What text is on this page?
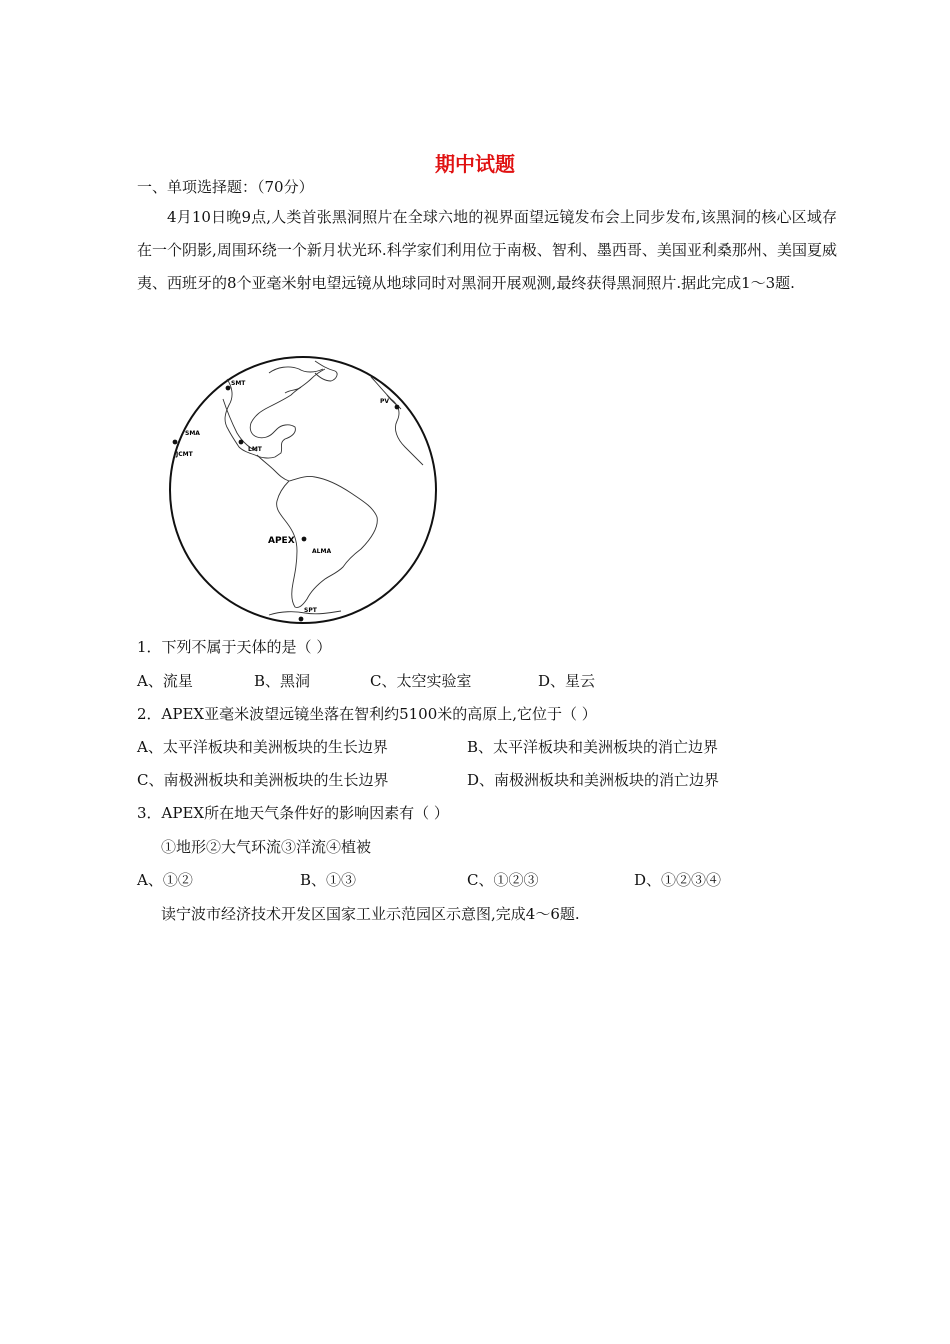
期中试题
一、单项选择题：（70分）
4月10日晚9点,人类首张黑洞照片在全球六地的视界面望远镜发布会上同步发布,该黑洞的核心区域存在一个阴影,周围环绕一个新月状光环.科学家们利用位于南极、智利、墨西哥、美国亚利桑那州、美国夏威夷、西班牙的8个亚毫米射电望远镜从地球同时对黑洞开展观测,最终获得黑洞照片.据此完成1～3题.
SMT
PV
SMA
JCMT
LMT
APEX
ALMA
SPT
1．下列不属于天体的是（ ）
A、流星	B、黑洞	C、太空实验室	D、星云
2．APEX亚毫米波望远镜坐落在智利约5100米的高原上,它位于（ ）
A、太平洋板块和美洲板块的生长边界	B、太平洋板块和美洲板块的消亡边界
C、南极洲板块和美洲板块的生长边界	D、南极洲板块和美洲板块的消亡边界
3．APEX所在地天气条件好的影响因素有（ ）
①地形②大气环流③洋流④植被
A、①②	B、①③	C、①②③	D、①②③④
读宁波市经济技术开发区国家工业示范园区示意图,完成4～6题.
